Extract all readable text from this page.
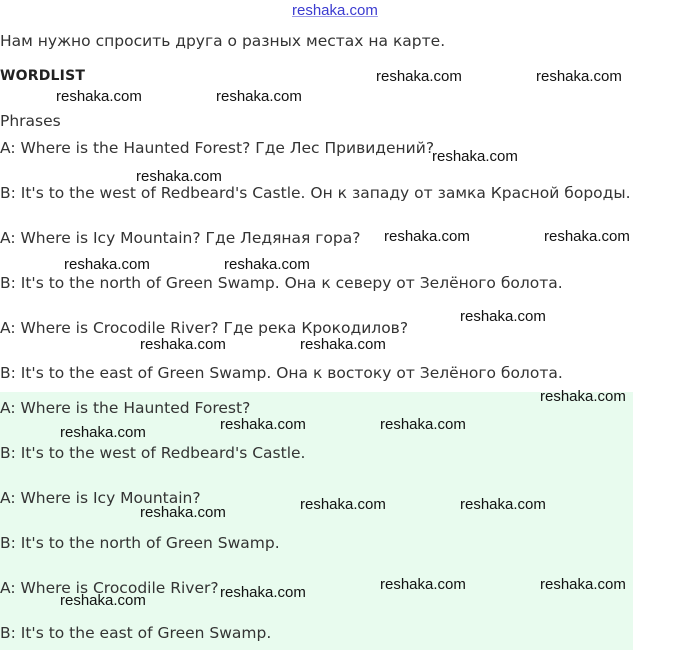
reshaka.com
Нам нужно спросить друга о разных местах на карте.
WORDLIST
Phrases
A: Where is the Haunted Forest? Где Лес Привидений?
B: It's to the west of Redbeard's Castle. Он к западу от замка Красной бороды.
A: Where is Icy Mountain? Где Ледяная гора?
B: It's to the north of Green Swamp. Она к северу от Зелёного болота.
A: Where is Crocodile River? Где река Крокодилов?
B: It's to the east of Green Swamp. Она к востоку от Зелёного болота.
A: Where is the Haunted Forest?
B: It's to the west of Redbeard's Castle.
A: Where is Icy Mountain?
B: It's to the north of Green Swamp.
A: Where is Crocodile River?
B: It's to the east of Green Swamp.
reshaka.com	reshaka.com
reshaka.com	reshaka.com
reshaka.com
reshaka.com
reshaka.com	reshaka.com
reshaka.com	reshaka.com
reshaka.com
reshaka.com	reshaka.com
reshaka.com
reshaka.com	reshaka.com
reshaka.com
reshaka.com	reshaka.com
reshaka.com
reshaka.com	reshaka.com
reshaka.com
reshaka.com
